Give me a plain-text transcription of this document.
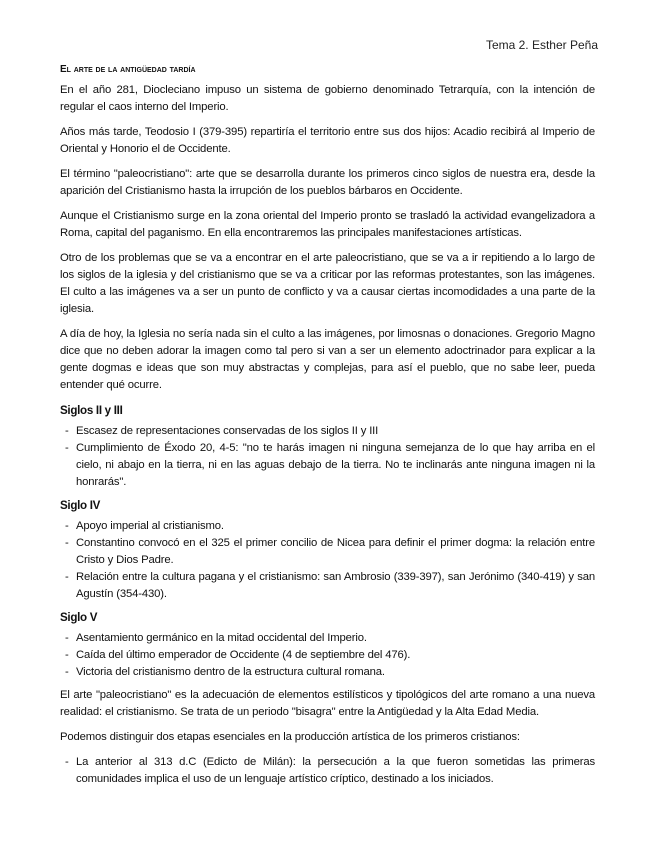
Tema 2. Esther Peña
El arte de la antigüedad tardía

En el año 281, Diocleciano impuso un sistema de gobierno denominado Tetrarquía, con la intención de regular el caos interno del Imperio.

Años más tarde, Teodosio I (379-395) repartiría el territorio entre sus dos hijos: Acadio recibirá al Imperio de Oriental y Honorio el de Occidente.

El término "paleocristiano": arte que se desarrolla durante los primeros cinco siglos de nuestra era, desde la aparición del Cristianismo hasta la irrupción de los pueblos bárbaros en Occidente.

Aunque el Cristianismo surge en la zona oriental del Imperio pronto se trasladó la actividad evangelizadora a Roma, capital del paganismo. En ella encontraremos las principales manifestaciones artísticas.

Otro de los problemas que se va a encontrar en el arte paleocristiano, que se va a ir repitiendo a lo largo de los siglos de la iglesia y del cristianismo que se va a criticar por las reformas protestantes, son las imágenes. El culto a las imágenes va a ser un punto de conflicto y va a causar ciertas incomodidades a una parte de la iglesia.

A día de hoy, la Iglesia no sería nada sin el culto a las imágenes, por limosnas o donaciones. Gregorio Magno dice que no deben adorar la imagen como tal pero si van a ser un elemento adoctrinador para explicar a la gente dogmas e ideas que son muy abstractas y complejas, para así el pueblo, que no sabe leer, pueda entender qué ocurre.

Siglos II y III
- Escasez de representaciones conservadas de los siglos II y III
- Cumplimiento de Éxodo 20, 4-5: "no te harás imagen ni ninguna semejanza de lo que hay arriba en el cielo, ni abajo en la tierra, ni en las aguas debajo de la tierra. No te inclinarás ante ninguna imagen ni la honrarás".
Siglo IV
- Apoyo imperial al cristianismo.
- Constantino convocó en el 325 el primer concilio de Nicea para definir el primer dogma: la relación entre Cristo y Dios Padre.
- Relación entre la cultura pagana y el cristianismo: san Ambrosio (339-397), san Jerónimo (340-419) y san Agustín (354-430).
Siglo V
- Asentamiento germánico en la mitad occidental del Imperio.
- Caída del último emperador de Occidente (4 de septiembre del 476).
- Victoria del cristianismo dentro de la estructura cultural romana.

El arte "paleocristiano" es la adecuación de elementos estilísticos y tipológicos del arte romano a una nueva realidad: el cristianismo. Se trata de un periodo "bisagra" entre la Antigüedad y la Alta Edad Media.

Podemos distinguir dos etapas esenciales en la producción artística de los primeros cristianos:

- La anterior al 313 d.C (Edicto de Milán): la persecución a la que fueron sometidas las primeras comunidades implica el uso de un lenguaje artístico críptico, destinado a los iniciados.
